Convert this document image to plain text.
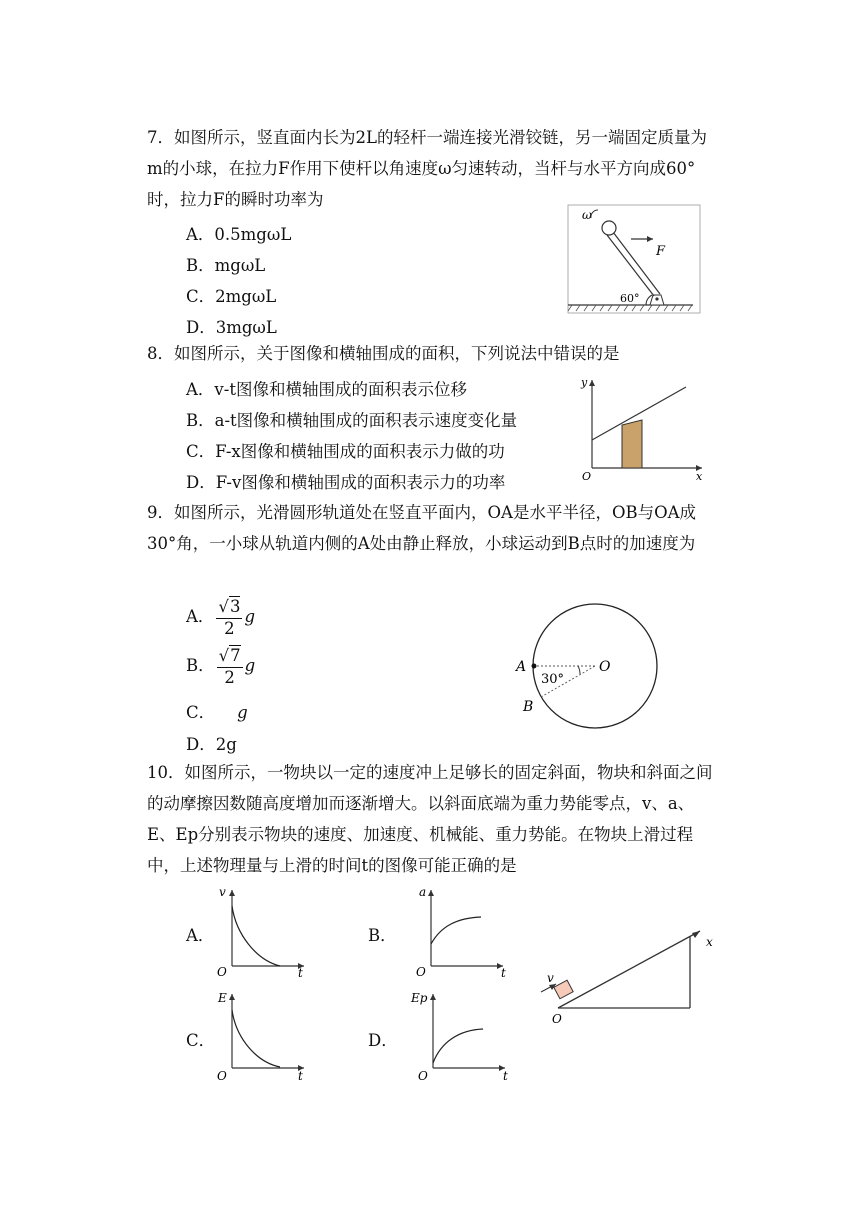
7．如图所示，竖直面内长为2L的轻杆一端连接光滑铰链，另一端固定质量为m的小球，在拉力F作用下使杆以角速度ω匀速转动，当杆与水平方向成60°时，拉力F的瞬时功率为
A．0.5mgωL
B．mgωL
C．2mgωL
D．3mgωL
60°
F
ω
8．如图所示，关于图像和横轴围成的面积，下列说法中错误的是
A．v-t图像和横轴围成的面积表示位移
B．a-t图像和横轴围成的面积表示速度变化量
C．F-x图像和横轴围成的面积表示力做的功
D．F-v图像和横轴围成的面积表示力的功率
y
x
O
9．如图所示，光滑圆形轨道处在竖直平面内，OA是水平半径，OB与OA成30°角，一小球从轨道内侧的A处由静止释放，小球运动到B点时的加速度为
A． $\frac{√3}{2}$ g
B． $\frac{√7}{2}$ g
C． g
D．2g
A	O
B
30°
10．如图所示，一物块以一定的速度冲上足够长的固定斜面，物块和斜面之间的动摩擦因数随高度增加而逐渐增大。以斜面底端为重力势能零点，v、a、E、Ep分别表示物块的速度、加速度、机械能、重力势能。在物块上滑过程中，上述物理量与上滑的时间t的图像可能正确的是
A．	B．
C．	D．
v
O	t
a
O	t
E
O	t
Ep
O	t
v
O
x
